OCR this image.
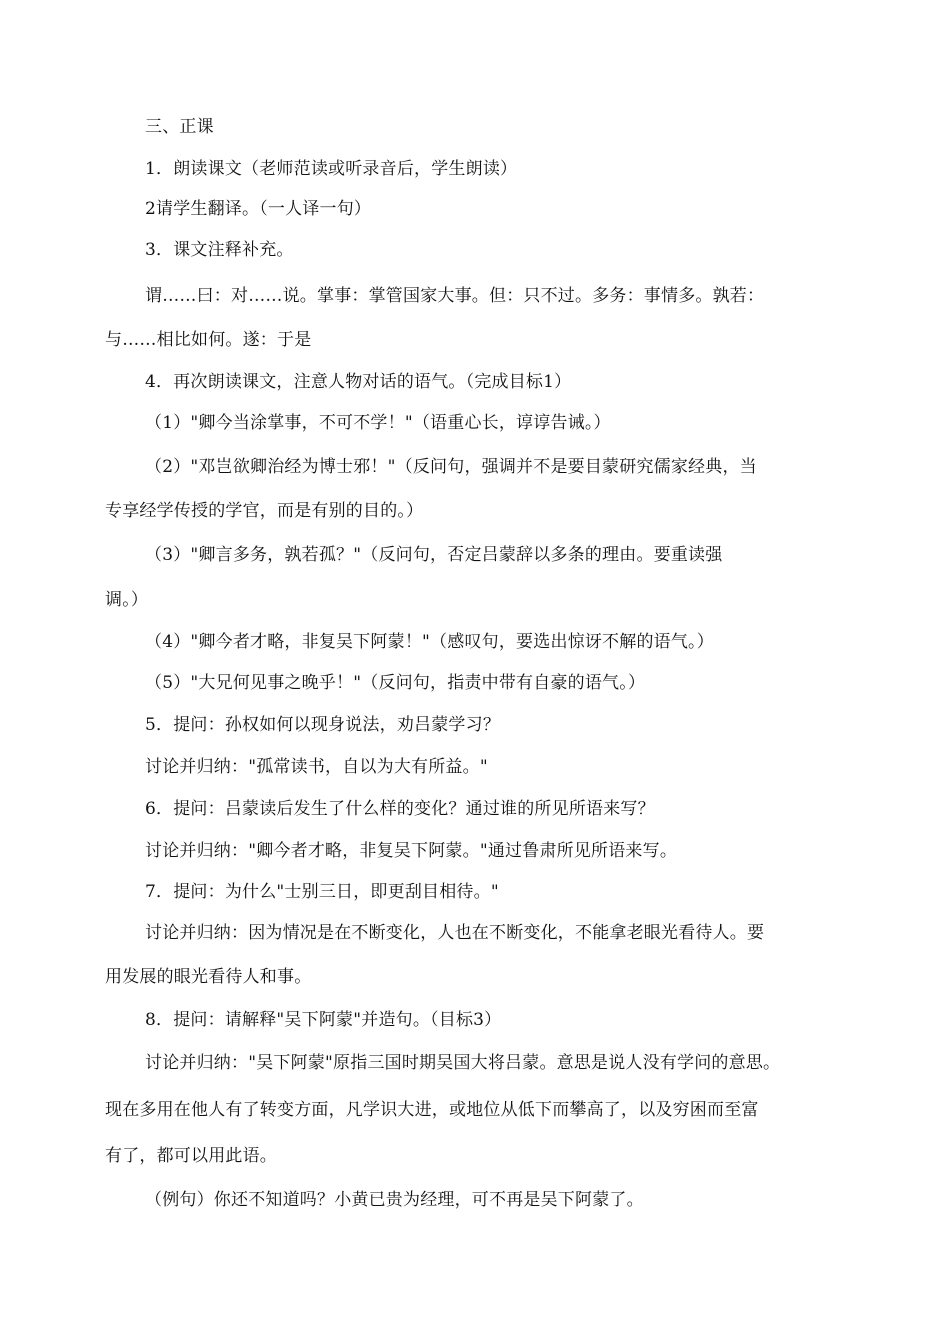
三、正课
1．朗读课文（老师范读或听录音后，学生朗读）
2请学生翻译。（一人译一句）
3．课文注释补充。
谓……曰：对……说。掌事：掌管国家大事。但：只不过。多务：事情多。孰若：
与……相比如何。遂：于是
4．再次朗读课文，注意人物对话的语气。（完成目标1）
（1）"卿今当涂掌事，不可不学！"（语重心长，谆谆告诫。）
（2）"邓岂欲卿治经为博士邪！"（反问句，强调并不是要目蒙研究儒家经典，当
专享经学传授的学官，而是有别的目的。）
（3）"卿言多务，孰若孤？"（反问句，否定吕蒙辞以多条的理由。要重读强
调。）
（4）"卿今者才略，非复吴下阿蒙！"（感叹句，要选出惊讶不解的语气。）
（5）"大兄何见事之晚乎！"（反问句，指责中带有自豪的语气。）
5．提问：孙权如何以现身说法，劝吕蒙学习？
讨论并归纳："孤常读书，自以为大有所益。"
6．提问：吕蒙读后发生了什么样的变化？通过谁的所见所语来写？
讨论并归纳："卿今者才略，非复吴下阿蒙。"通过鲁肃所见所语来写。
7．提问：为什么"士别三日，即更刮目相待。"
讨论并归纳：因为情况是在不断变化，人也在不断变化，不能拿老眼光看待人。要
用发展的眼光看待人和事。
8．提问：请解释"吴下阿蒙"并造句。（目标3）
讨论并归纳："吴下阿蒙"原指三国时期吴国大将吕蒙。意思是说人没有学问的意思。
现在多用在他人有了转变方面，凡学识大进，或地位从低下而攀高了，以及穷困而至富
有了，都可以用此语。
（例句）你还不知道吗？小黄已贵为经理，可不再是吴下阿蒙了。
